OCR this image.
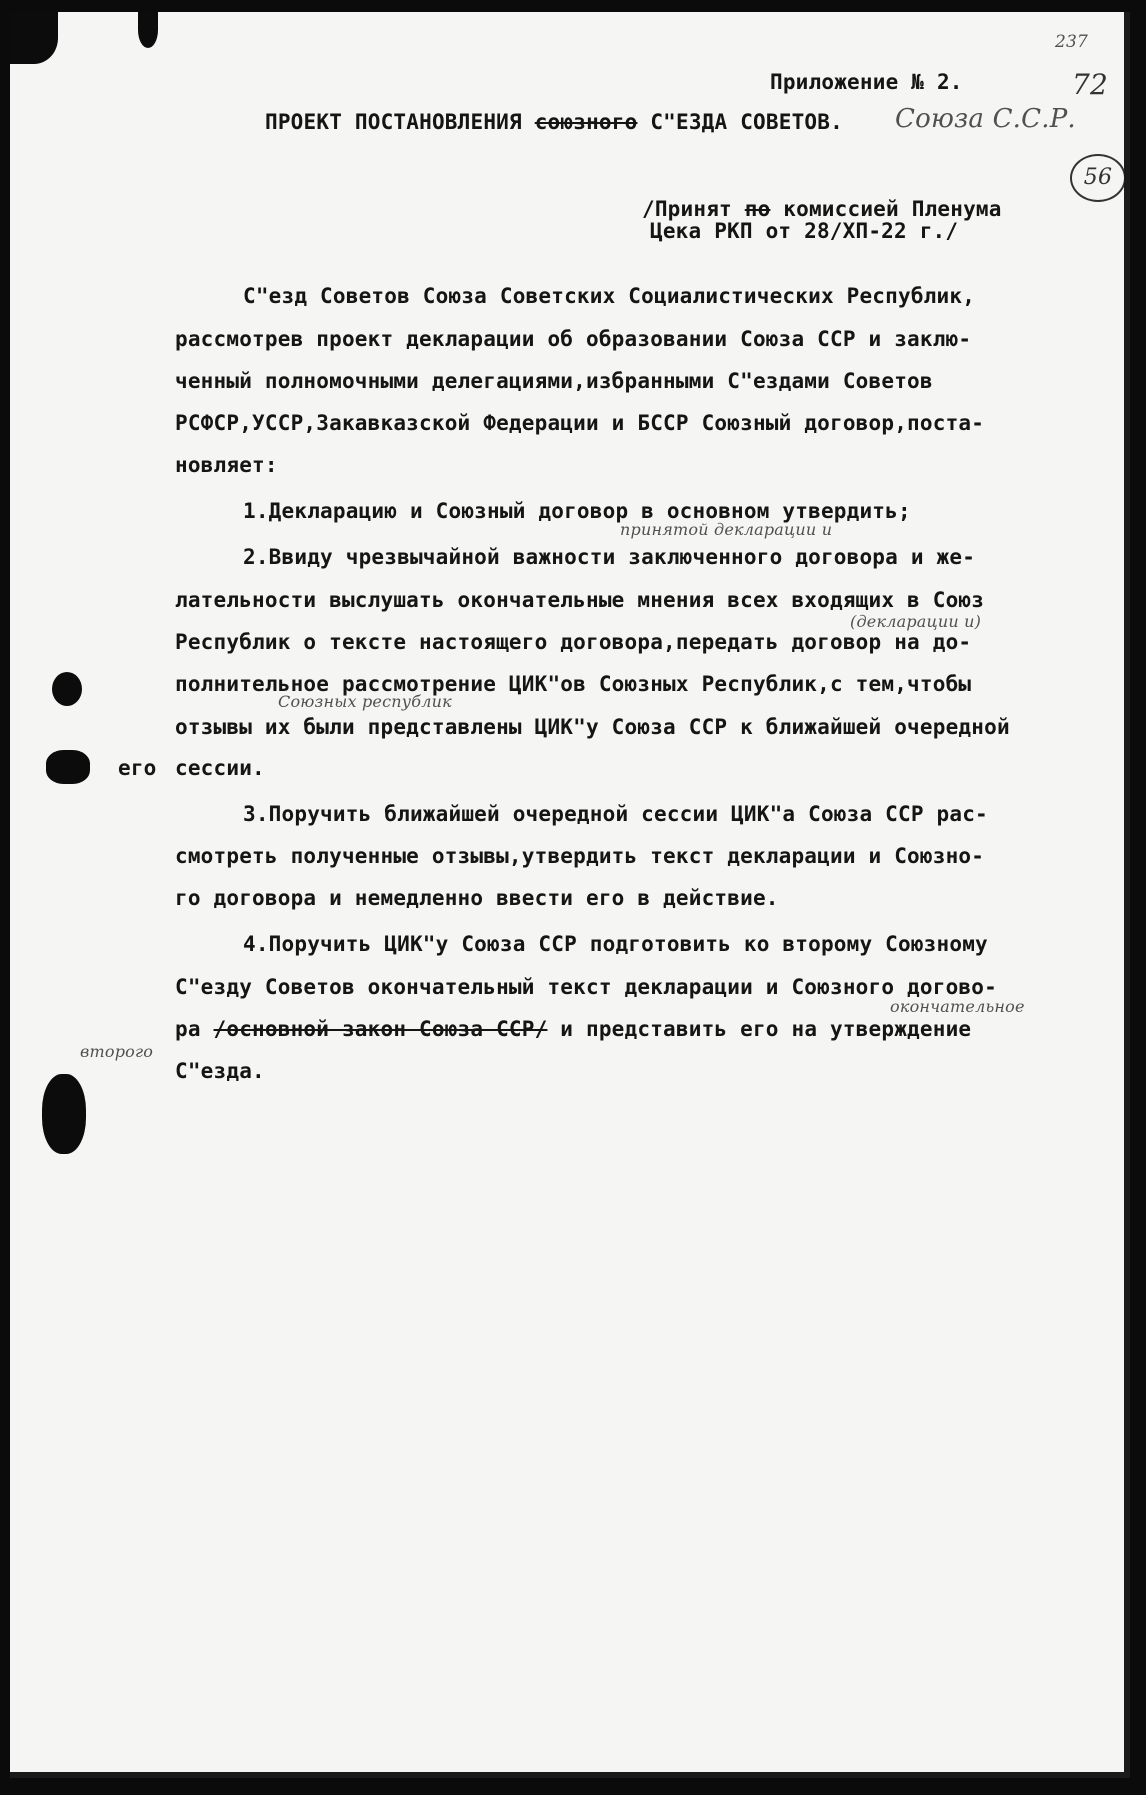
Приложение № 2.
ПРОЕКТ ПОСТАНОВЛЕНИЯ союзного С"ЕЗДА СОВЕТОВ.
/Принят по комиссией Пленума
Цека РКП от 28/XП-22 г./
С"езд Советов Союза Советских Социалистических Республик,
рассмотрев проект декларации об образовании Союза ССР и заклю-
ченный полномочными делегациями,избранными С"ездами Советов
РСФСР,УССР,Закавказской Федерации и БССР Союзный договор,поста-
новляет:
1.Декларацию и Союзный договор в основном утвердить;
2.Ввиду чрезвычайной важности заключенного договора и же-
лательности выслушать окончательные мнения всех входящих в Союз
Республик о тексте настоящего договора,передать договор на до-
полнительное рассмотрение ЦИК"ов Союзных Республик,с тем,чтобы
отзывы их были представлены ЦИК"у Союза ССР к ближайшей очередной
сессии.
его
3.Поручить ближайшей очередной сессии ЦИК"а Союза ССР рас-
смотреть полученные отзывы,утвердить текст декларации и Союзно-
го договора и немедленно ввести его в действие.
4.Поручить ЦИК"у Союза ССР подготовить ко второму Союзному
С"езду Советов окончательный текст декларации и Союзного догово-
ра /основной закон Союза ССР/ и представить его на утверждение
С"езда.
Союза С.С.Р.
237
72
56
принятой декларации и
(декларации и)
Союзных республик
окончательное
второго
